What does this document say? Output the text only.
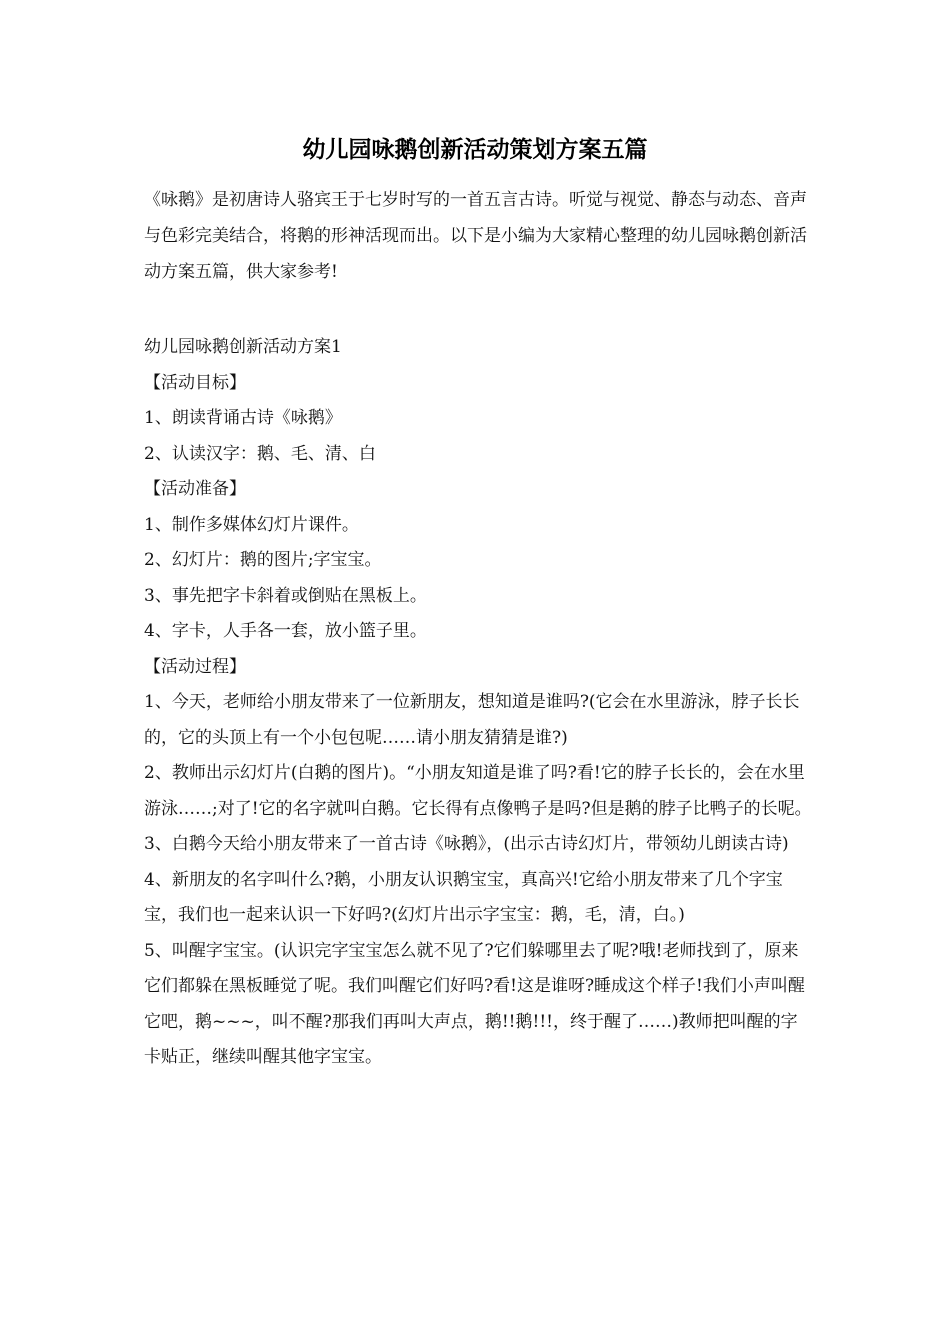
幼儿园咏鹅创新活动策划方案五篇
《咏鹅》是初唐诗人骆宾王于七岁时写的一首五言古诗。听觉与视觉、静态与动态、音声与色彩完美结合，将鹅的形神活现而出。以下是小编为大家精心整理的幼儿园咏鹅创新活动方案五篇，供大家参考!

幼儿园咏鹅创新活动方案1

【活动目标】

1、朗读背诵古诗《咏鹅》

2、认读汉字：鹅、毛、清、白

【活动准备】

1、制作多媒体幻灯片课件。

2、幻灯片：鹅的图片;字宝宝。

3、事先把字卡斜着或倒贴在黑板上。

4、字卡，人手各一套，放小篮子里。

【活动过程】

1、今天，老师给小朋友带来了一位新朋友，想知道是谁吗?(它会在水里游泳，脖子长长的，它的头顶上有一个小包包呢……请小朋友猜猜是谁?)

2、教师出示幻灯片(白鹅的图片)。“小朋友知道是谁了吗?看!它的脖子长长的，会在水里游泳……;对了!它的名字就叫白鹅。它长得有点像鸭子是吗?但是鹅的脖子比鸭子的长呢。

3、白鹅今天给小朋友带来了一首古诗《咏鹅》，(出示古诗幻灯片，带领幼儿朗读古诗)

4、新朋友的名字叫什么?鹅，小朋友认识鹅宝宝，真高兴!它给小朋友带来了几个字宝宝，我们也一起来认识一下好吗?(幻灯片出示字宝宝：鹅，毛，清，白。)

5、叫醒字宝宝。(认识完字宝宝怎么就不见了?它们躲哪里去了呢?哦!老师找到了，原来它们都躲在黑板睡觉了呢。我们叫醒它们好吗?看!这是谁呀?睡成这个样子!我们小声叫醒它吧，鹅~~~，叫不醒?那我们再叫大声点，鹅!!鹅!!!，终于醒了……)教师把叫醒的字卡贴正，继续叫醒其他字宝宝。
